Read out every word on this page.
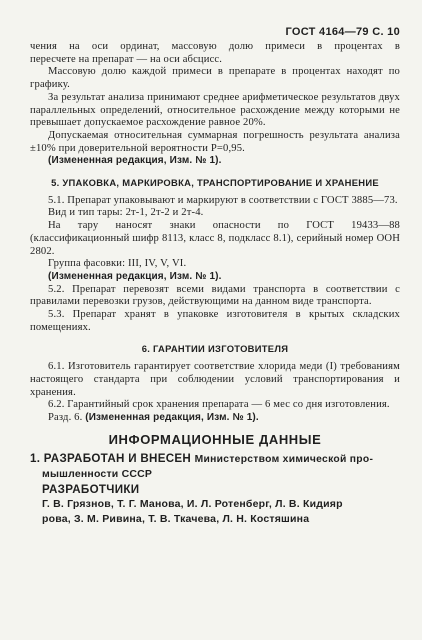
ГОСТ 4164—79 С. 10

чения на оси ординат, массовую долю примеси в процентах в

пересчете на препарат — на оси абсцисс.

Массовую долю каждой примеси в препарате в процентах находят по графику.

За результат анализа принимают среднее арифметическое результатов двух параллельных определений, относительное расхождение между которыми не превышает допускаемое расхождение равное 20%.

Допускаемая относительная суммарная погрешность результата анализа ±10% при доверительной вероятности P=0,95.

(Измененная редакция, Изм. № 1).

5. УПАКОВКА, МАРКИРОВКА, ТРАНСПОРТИРОВАНИЕ И ХРАНЕНИЕ

5.1. Препарат упаковывают и маркируют в соответствии с ГОСТ 3885—73.

Вид и тип тары: 2т-1, 2т-2 и 2т-4.

На тару наносят знаки опасности по ГОСТ 19433—88 (классификационный шифр 8113, класс 8, подкласс 8.1), серийный номер ООН 2802.

Группа фасовки: III, IV, V, VI.

(Измененная редакция, Изм. № 1).

5.2. Препарат перевозят всеми видами транспорта в соответствии с правилами перевозки грузов, действующими на данном виде транспорта.

5.3. Препарат хранят в упаковке изготовителя в крытых складских помещениях.

6. ГАРАНТИИ ИЗГОТОВИТЕЛЯ

6.1. Изготовитель гарантирует соответствие хлорида меди (I) требованиям настоящего стандарта при соблюдении условий транспортирования и хранения.

6.2. Гарантийный срок хранения препарата — 6 мес со дня изготовления.

Разд. 6. (Измененная редакция, Изм. № 1).

ИНФОРМАЦИОННЫЕ ДАННЫЕ

1. РАЗРАБОТАН И ВНЕСЕН Министерством химической про-

мышленности СССР

РАЗРАБОТЧИКИ

Г. В. Грязнов, Т. Г. Манова, И. Л. Ротенберг, Л. В. Кидияр

рова, З. М. Ривина, Т. В. Ткачева, Л. Н. Костяшина
